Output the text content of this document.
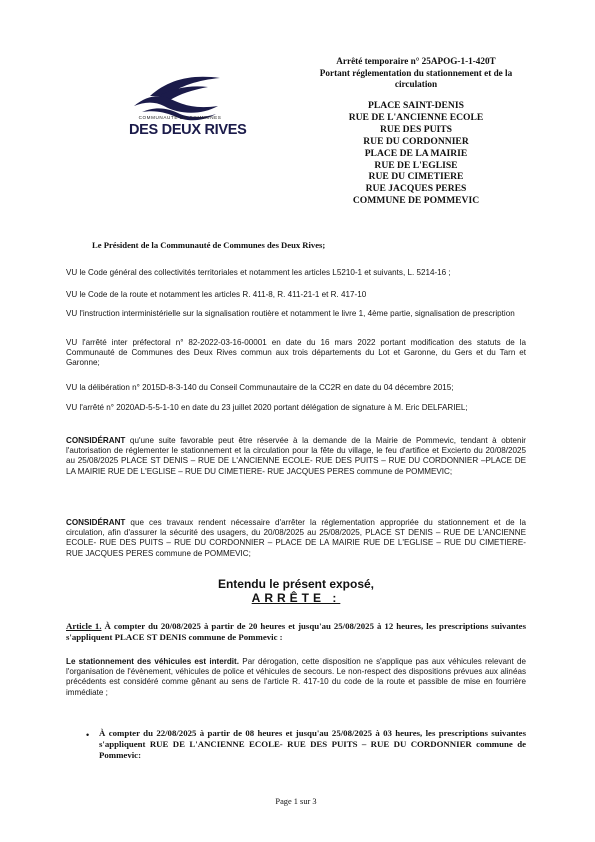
COMMUNAUTÉ DE COMMUNES
DES DEUX RIVES
Arrêté temporaire n° 25APOG-1-1-420T
Portant réglementation du stationnement et de la
circulation
PLACE SAINT-DENIS
RUE DE L'ANCIENNE ECOLE
RUE DES PUITS
RUE DU CORDONNIER
PLACE DE LA MAIRIE
RUE DE L'EGLISE
RUE DU CIMETIERE
RUE JACQUES PERES
COMMUNE DE POMMEVIC
Le Président de la Communauté de Communes des Deux Rives;
VU le Code général des collectivités territoriales et notamment les articles L5210-1 et suivants, L. 5214-16 ;
VU le Code de la route et notamment les articles R. 411-8, R. 411-21-1 et R. 417-10
VU l'instruction interministérielle sur la signalisation routière et notamment le livre 1, 4ème partie, signalisation de prescription
VU l'arrêté inter préfectoral n° 82-2022-03-16-00001 en date du 16 mars 2022 portant modification des statuts de la Communauté de Communes des Deux Rives commun aux trois départements du Lot et Garonne, du Gers et du Tarn et Garonne;
VU la délibération n° 2015D-8-3-140 du Conseil Communautaire de la CC2R en date du 04 décembre 2015;
VU l'arrêté n° 2020AD-5-5-1-10 en date du 23 juillet 2020 portant délégation de signature à M. Eric DELFARIEL;
CONSIDÉRANT qu'une suite favorable peut être réservée à la demande de la Mairie de Pommevic, tendant à obtenir l'autorisation de réglementer le stationnement et la circulation pour la fête du village, le feu d'artifice et Excierto du 20/08/2025 au 25/08/2025 PLACE ST DENIS – RUE DE L'ANCIENNE ECOLE- RUE DES PUITS – RUE DU CORDONNIER –PLACE DE LA MAIRIE RUE DE L'EGLISE – RUE DU CIMETIERE- RUE JACQUES PERES commune de POMMEVIC;
CONSIDÉRANT que ces travaux rendent nécessaire d'arrêter la réglementation appropriée du stationnement et de la circulation, afin d'assurer la sécurité des usagers, du 20/08/2025 au 25/08/2025, PLACE ST DENIS – RUE DE L'ANCIENNE ECOLE- RUE DES PUITS – RUE DU CORDONNIER – PLACE DE LA MAIRIE RUE DE L'EGLISE – RUE DU CIMETIERE- RUE JACQUES PERES commune de POMMEVIC;
Entendu le présent exposé,
ARRÊTE :
Article 1. À compter du 20/08/2025 à partir de 20 heures et jusqu'au 25/08/2025 à 12 heures, les prescriptions suivantes s'appliquent PLACE ST DENIS commune de Pommevic :
Le stationnement des véhicules est interdit. Par dérogation, cette disposition ne s'applique pas aux véhicules relevant de l'organisation de l'évènement, véhicules de police et véhicules de secours. Le non-respect des dispositions prévues aux alinéas précédents est considéré comme gênant au sens de l'article R. 417-10 du code de la route et passible de mise en fourrière immédiate ;
• À compter du 22/08/2025 à partir de 08 heures et jusqu'au 25/08/2025 à 03 heures, les prescriptions suivantes s'appliquent RUE DE L'ANCIENNE ECOLE- RUE DES PUITS – RUE DU CORDONNIER commune de Pommevic:
Page 1 sur 3
